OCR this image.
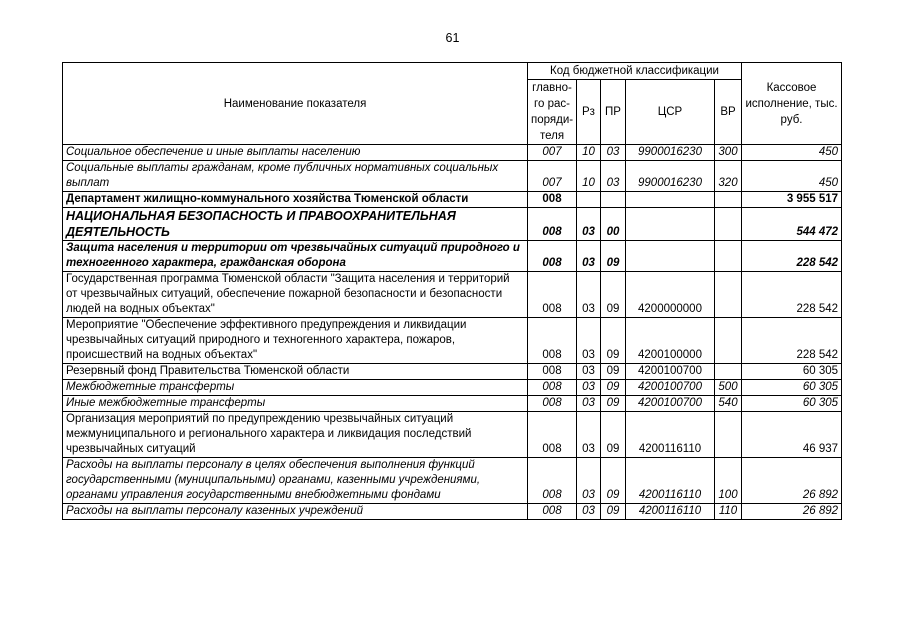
61
Наименование показателя	Код бюджетной классификации					Кассовое исполнение, тыс. руб.
	главно-го рас-поряди-теля	Рз	ПР	ЦСР	ВР	
Социальное обеспечение и иные выплаты населению	007	10	03	9900016230	300	450
Социальные выплаты гражданам, кроме публичных нормативных социальных выплат	007	10	03	9900016230	320	450
Департамент жилищно-коммунального хозяйства Тюменской области	008					3 955 517
НАЦИОНАЛЬНАЯ БЕЗОПАСНОСТЬ И ПРАВООХРАНИТЕЛЬНАЯ ДЕЯТЕЛЬНОСТЬ	008	03	00			544 472
Защита населения и территории от чрезвычайных ситуаций природного и техногенного характера, гражданская оборона	008	03	09			228 542
Государственная программа Тюменской области "Защита населения и территорий от чрезвычайных ситуаций, обеспечение пожарной безопасности и безопасности людей на водных объектах"	008	03	09	4200000000		228 542
Мероприятие "Обеспечение эффективного предупреждения и ликвидации чрезвычайных ситуаций природного и техногенного характера, пожаров, происшествий на водных объектах"	008	03	09	4200100000		228 542
Резервный фонд Правительства Тюменской области	008	03	09	4200100700		60 305
Межбюджетные трансферты	008	03	09	4200100700	500	60 305
Иные межбюджетные трансферты	008	03	09	4200100700	540	60 305
Организация мероприятий по предупреждению чрезвычайных ситуаций межмуниципального и регионального характера и ликвидация последствий чрезвычайных ситуаций	008	03	09	4200116110		46 937
Расходы на выплаты персоналу в целях обеспечения выполнения функций государственными (муниципальными) органами, казенными учреждениями, органами управления государственными внебюджетными фондами	008	03	09	4200116110	100	26 892
Расходы на выплаты персоналу казенных учреждений	008	03	09	4200116110	110	26 892
